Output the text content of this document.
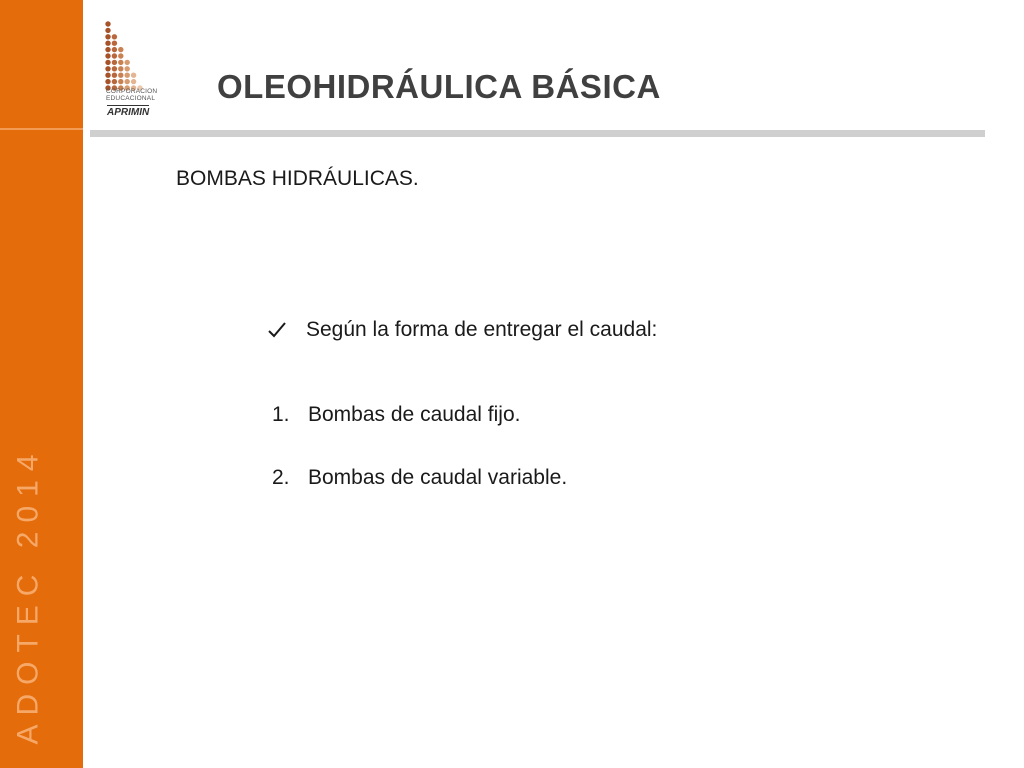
ADOTEC 2014
CORPORACION
EDUCACIONAL
APRIMIN
OLEOHIDRÁULICA BÁSICA
BOMBAS HIDRÁULICAS.
Según la forma de entregar el caudal:
1. Bombas de caudal fijo.
2. Bombas de caudal variable.
